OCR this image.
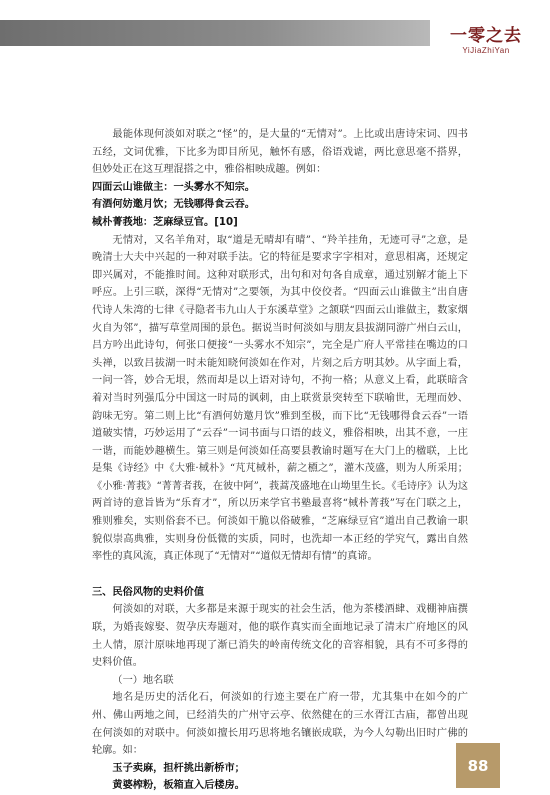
一零之去
YiJiaZhiYan

最能体现何淡如对联之“怪”的，是大量的“无情对”。上比或出唐诗宋词、四书五经，文词优雅，下比多为即目所见，触怀有感，俗语戏谑，两比意思毫不搭界，但妙处正在这互理混搭之中，雅俗相映成趣。例如：

四面云山谁做主：一头雾水不知宗。

有酒何妨邀月饮；无钱哪得食云吞。

棫朴菁莪地：芝麻绿豆官。[10]

无情对，又名羊角对，取“道是无晴却有晴”、“羚羊挂角，无迹可寻”之意，是晚清士大夫中兴起的一种对联手法。它的特征是要求字字相对，意思相离，还规定即兴属对，不能推时间。这种对联形式，出句和对句各自成章，通过别解才能上下呼应。上引三联，深得“无情对”之要领，为其中佼佼者。“四面云山谁做主”出自唐代诗人朱湾的七律《寻隐者韦九山人于东溪草堂》之颔联“四面云山谁做主，数家烟火自为邻”，描写草堂周围的景色。据说当时何淡如与朋友县拔湖同游广州白云山，吕方吟出此诗句，何张口便接“一头雾水不知宗”，完全是广府人平常挂在嘴边的口头禅，以致吕拔湖一时未能知晓何淡如在作对，片刻之后方明其妙。从字面上看，一问一答，妙合无垠，然而却是以上语对诗句，不拘一格；从意义上看，此联暗含着对当时列强瓜分中国这一时局的讽刺，由上联赏景突转至下联喻世，无理而妙、韵味无穷。第二则上比“有酒何妨邀月饮”雅到至极，而下比“无钱哪得食云吞”一语道破实情，巧妙运用了“云吞”一词书面与口语的歧义，雅俗相映，出其不意，一庄一谐，而能妙趣横生。第三则是何淡如任高要县教谕时题写在大门上的楹联，上比是集《诗经》中《大雅·棫朴》“芃芃棫朴，薪之槱之”，灌木茂盛，则为人所采用；《小雅·菁莪》“菁菁者莪，在彼中阿”，莪蒿茂盛地在山坳里生长。《毛诗序》认为这两首诗的意旨皆为“乐育才”，所以历来学官书塾最喜将“棫朴菁莪”写在门联之上，雅则雅矣，实则俗套不已。何淡如干脆以俗破雅，“芝麻绿豆官”道出自己教谕一职貌似崇高典雅，实则身份低微的实质，同时，也洗却一本正经的学究气，露出自然率性的真风流，真正体现了“无情对”“道似无情却有情”的真谛。

三、民俗风物的史料价值

何淡如的对联，大多都是来源于现实的社会生活，他为茶楼酒肆、戏棚神庙撰联，为婚丧嫁娶、贺孕庆寿题对，他的联作真实而全面地记录了清末广府地区的风土人情，原汁原味地再现了渐已消失的岭南传统文化的音容相貌，具有不可多得的史料价值。

（一）地名联

地名是历史的活化石，何淡如的行迹主要在广府一带，尤其集中在如今的广州、佛山两地之间，已经消失的广州守云亭、依然健在的三水胥江古庙，都曾出现在何淡如的对联中。何淡如擅长用巧思将地名镶嵌成联，为今人勾勒出旧时广佛的轮廓。如：

玉子卖麻，担杆挑出新桥市；

黄婆榨粉，板箱直入后楼房。

88
